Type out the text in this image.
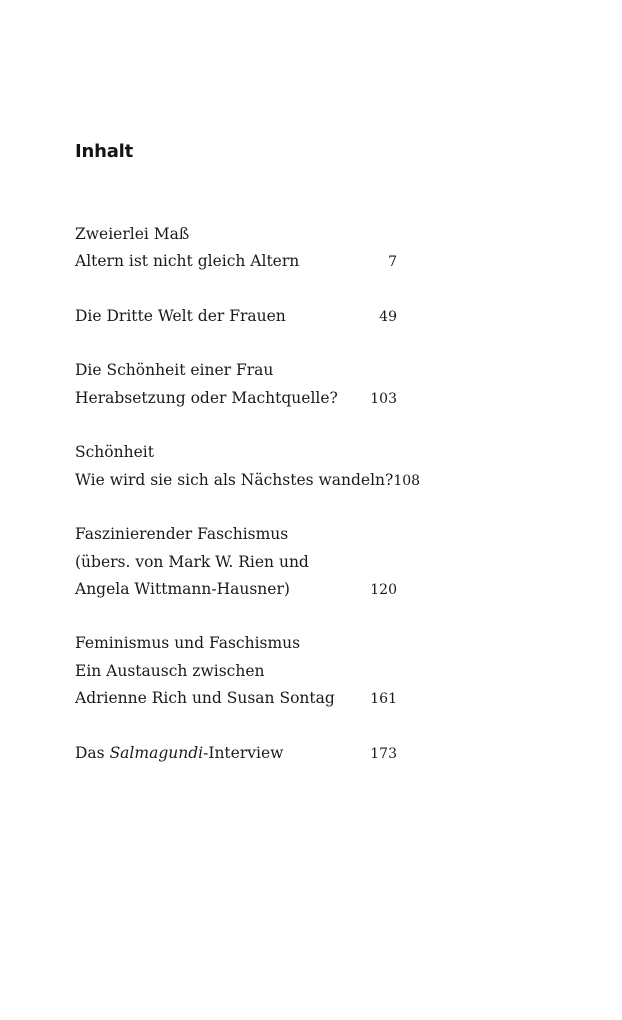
Inhalt
Zweierlei Maß
Altern ist nicht gleich Altern	7
Die Dritte Welt der Frauen	49
Die Schönheit einer Frau
Herabsetzung oder Machtquelle? 103
Schönheit
Wie wird sie sich als Nächstes wandeln? 108
Faszinierender Faschismus
(übers. von Mark W. Rien und
Angela Wittmann-Hausner)	120
Feminismus und Faschismus
Ein Austausch zwischen
Adrienne Rich und Susan Sontag	161
Das Salmagundi-Interview	173
